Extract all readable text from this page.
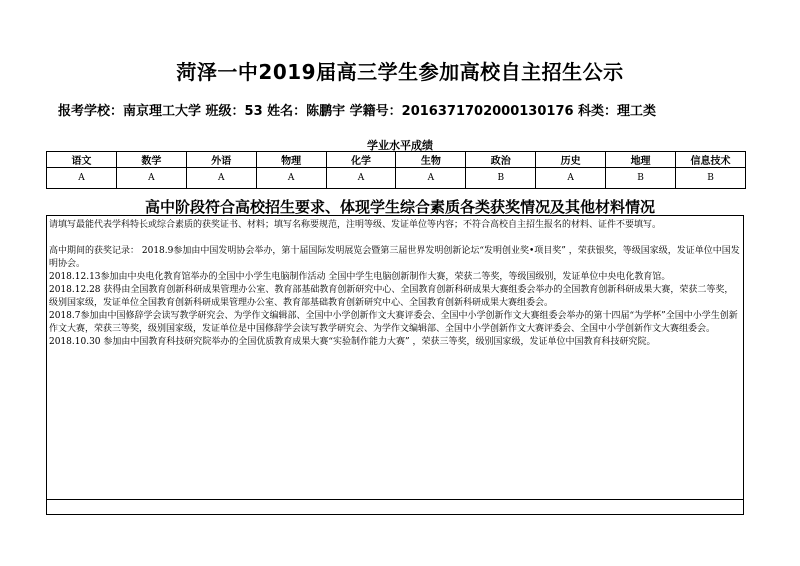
菏泽一中2019届高三学生参加高校自主招生公示
报考学校：南京理工大学 班级：53 姓名：陈鹏宇 学籍号：20163717020001​30176 科类：理工类
学业水平成绩
语文	数学	外语	物理	化学	生物	政治	历史	地理	信息技术
A	A	A	A	A	A	B	A	B	B
高中阶段符合高校招生要求、体现学生综合素质各类获奖情况及其他材料情况

请填写最能代表学科特长或综合素质的获奖证书、材料；填写名称要规范，注明等级、发证单位等内容；不符合高校自主招生报名的材料、证件不要填写。

高中期间的获奖记录： 2018.9参加由中国发明协会举办，第十届国际发明展览会暨第三届世界发明创新论坛“发明创业奖•项目奖” ，荣获银奖，等级国家级，发证单位中国发明协会。

2018.12.13参加由中央电化教育馆举办的全国中小学生电脑制作活动 全国中学生电脑创新制作大赛，荣获二等奖，等级国级别，发证单位中央电化教育馆。

2018.12.28 获得由全国教育创新科研成果管理办公室、教育部基础教育创新研究中心、全国教育创新科研成果大赛组委会举办的全国教育创新科研成果大赛，荣获二等奖，级别国家级，发证单位全国教育创新科研成果管理办公室、教育部基础教育创新研究中心、全国教育创新科研成果大赛组委会。

2018.7参加由中国修辞学会读写教学研究会、为学作文编辑部、全国中小学创新作文大赛评委会、全国中小学创新作文大赛组委会举办的第十四届“为学杯”全国中小学生创新作文大赛，荣获三等奖，级别国家级，发证单位是中国修辞学会读写教学研究会、为学作文编辑部、全国中小学创新作文大赛评委会、全国中小学创新作文大赛组委会。

2018.10.30 参加由中国教育科技研究院举办的全国优质教育成果大赛“实验制作能力大赛” ，荣获三等奖，级别国家级，发证单位中国教育科技研究院。
